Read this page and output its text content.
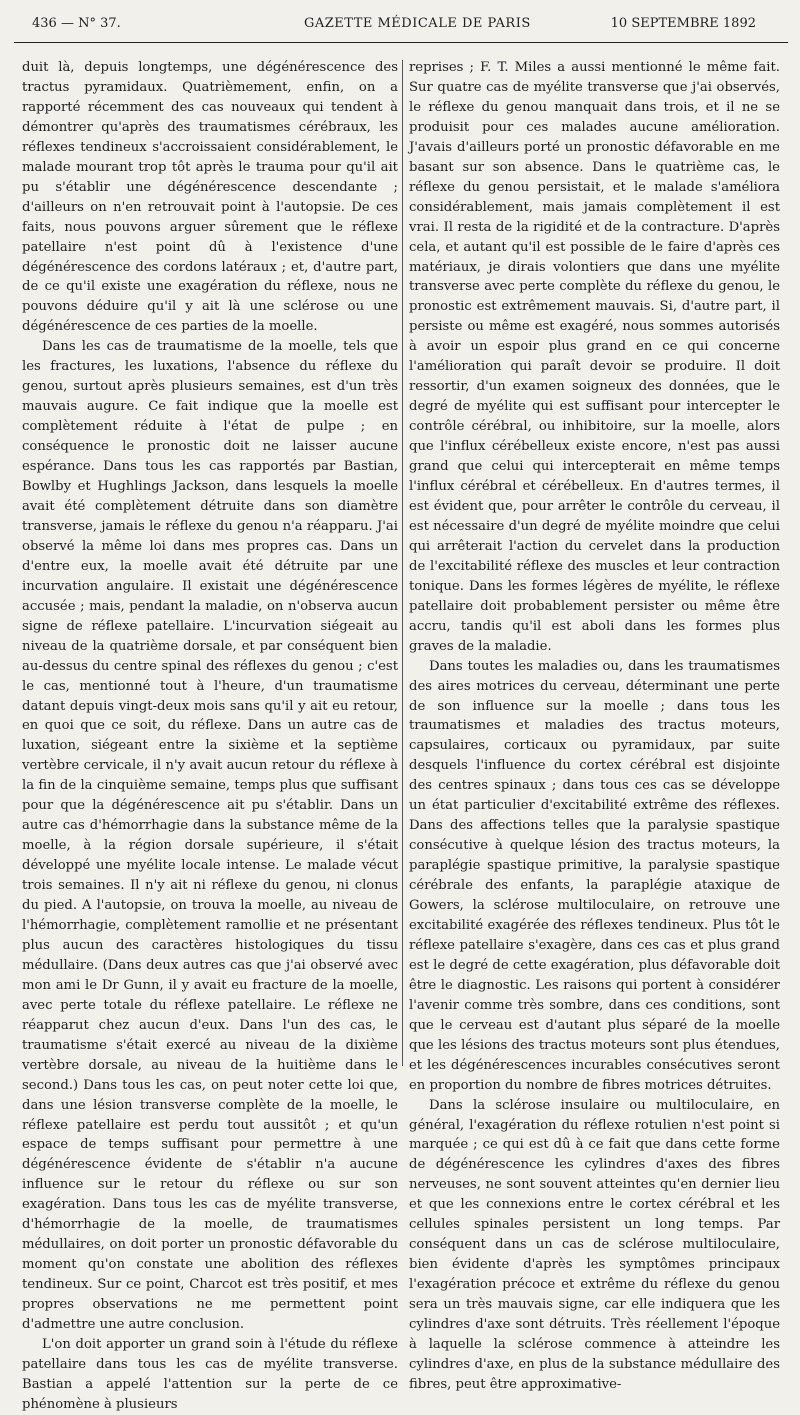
436 — N° 37.	GAZETTE MÉDICALE DE PARIS	10 SEPTEMBRE 1892

duit là, depuis longtemps, une dégénérescence des tractus pyramidaux. Quatrièmement, enfin, on a rapporté récemment des cas nouveaux qui tendent à démontrer qu'après des traumatismes cérébraux, les réflexes tendineux s'accroissaient considérablement, le malade mourant trop tôt après le trauma pour qu'il ait pu s'établir une dégénérescence descendante ; d'ailleurs on n'en retrouvait point à l'autopsie. De ces faits, nous pouvons arguer sûrement que le réflexe patellaire n'est point dû à l'existence d'une dégénérescence des cordons latéraux ; et, d'autre part, de ce qu'il existe une exagération du réflexe, nous ne pouvons déduire qu'il y ait là une sclérose ou une dégénérescence de ces parties de la moelle.

Dans les cas de traumatisme de la moelle, tels que les fractures, les luxations, l'absence du réflexe du genou, surtout après plusieurs semaines, est d'un très mauvais augure. Ce fait indique que la moelle est complètement réduite à l'état de pulpe ; en conséquence le pronostic doit ne laisser aucune espérance. Dans tous les cas rapportés par Bastian, Bowlby et Hughlings Jackson, dans lesquels la moelle avait été complètement détruite dans son diamètre transverse, jamais le réflexe du genou n'a réapparu. J'ai observé la même loi dans mes propres cas. Dans un d'entre eux, la moelle avait été détruite par une incurvation angulaire. Il existait une dégénérescence accusée ; mais, pendant la maladie, on n'observa aucun signe de réflexe patellaire. L'incurvation siégeait au niveau de la quatrième dorsale, et par conséquent bien au-dessus du centre spinal des réflexes du genou ; c'est le cas, mentionné tout à l'heure, d'un traumatisme datant depuis vingt-deux mois sans qu'il y ait eu retour, en quoi que ce soit, du réflexe. Dans un autre cas de luxation, siégeant entre la sixième et la septième vertèbre cervicale, il n'y avait aucun retour du réflexe à la fin de la cinquième semaine, temps plus que suffisant pour que la dégénérescence ait pu s'établir. Dans un autre cas d'hémorrhagie dans la substance même de la moelle, à la région dorsale supérieure, il s'était développé une myélite locale intense. Le malade vécut trois semaines. Il n'y ait ni réflexe du genou, ni clonus du pied. A l'autopsie, on trouva la moelle, au niveau de l'hémorrhagie, complètement ramollie et ne présentant plus aucun des caractères histologiques du tissu médullaire. (Dans deux autres cas que j'ai observé avec mon ami le Dr Gunn, il y avait eu fracture de la moelle, avec perte totale du réflexe patellaire. Le réflexe ne réapparut chez aucun d'eux. Dans l'un des cas, le traumatisme s'était exercé au niveau de la dixième vertèbre dorsale, au niveau de la huitième dans le second.) Dans tous les cas, on peut noter cette loi que, dans une lésion transverse complète de la moelle, le réflexe patellaire est perdu tout aussitôt ; et qu'un espace de temps suffisant pour permettre à une dégénérescence évidente de s'établir n'a aucune influence sur le retour du réflexe ou sur son exagération. Dans tous les cas de myélite transverse, d'hémorrhagie de la moelle, de traumatismes médullaires, on doit porter un pronostic défavorable du moment qu'on constate une abolition des réflexes tendineux. Sur ce point, Charcot est très positif, et mes propres observations ne me permettent point d'admettre une autre conclusion.

L'on doit apporter un grand soin à l'étude du réflexe patellaire dans tous les cas de myélite transverse. Bastian a appelé l'attention sur la perte de ce phénomène à plusieurs

reprises ; F. T. Miles a aussi mentionné le même fait. Sur quatre cas de myélite transverse que j'ai observés, le réflexe du genou manquait dans trois, et il ne se produisit pour ces malades aucune amélioration. J'avais d'ailleurs porté un pronostic défavorable en me basant sur son absence. Dans le quatrième cas, le réflexe du genou persistait, et le malade s'améliora considérablement, mais jamais complètement il est vrai. Il resta de la rigidité et de la contracture. D'après cela, et autant qu'il est possible de le faire d'après ces matériaux, je dirais volontiers que dans une myélite transverse avec perte complète du réflexe du genou, le pronostic est extrêmement mauvais. Si, d'autre part, il persiste ou même est exagéré, nous sommes autorisés à avoir un espoir plus grand en ce qui concerne l'amélioration qui paraît devoir se produire. Il doit ressortir, d'un examen soigneux des données, que le degré de myélite qui est suffisant pour intercepter le contrôle cérébral, ou inhibitoire, sur la moelle, alors que l'influx cérébelleux existe encore, n'est pas aussi grand que celui qui intercepterait en même temps l'influx cérébral et cérébelleux. En d'autres termes, il est évident que, pour arrêter le contrôle du cerveau, il est nécessaire d'un degré de myélite moindre que celui qui arrêterait l'action du cervelet dans la production de l'excitabilité réflexe des muscles et leur contraction tonique. Dans les formes légères de myélite, le réflexe patellaire doit probablement persister ou même être accru, tandis qu'il est aboli dans les formes plus graves de la maladie.

Dans toutes les maladies ou, dans les traumatismes des aires motrices du cerveau, déterminant une perte de son influence sur la moelle ; dans tous les traumatismes et maladies des tractus moteurs, capsulaires, corticaux ou pyramidaux, par suite desquels l'influence du cortex cérébral est disjointe des centres spinaux ; dans tous ces cas se développe un état particulier d'excitabilité extrême des réflexes. Dans des affections telles que la paralysie spastique consécutive à quelque lésion des tractus moteurs, la paraplégie spastique primitive, la paralysie spastique cérébrale des enfants, la paraplégie ataxique de Gowers, la sclérose multiloculaire, on retrouve une excitabilité exagérée des réflexes tendineux. Plus tôt le réflexe patellaire s'exagère, dans ces cas et plus grand est le degré de cette exagération, plus défavorable doit être le diagnostic. Les raisons qui portent à considérer l'avenir comme très sombre, dans ces conditions, sont que le cerveau est d'autant plus séparé de la moelle que les lésions des tractus moteurs sont plus étendues, et les dégénérescences incurables consécutives seront en proportion du nombre de fibres motrices détruites.

Dans la sclérose insulaire ou multiloculaire, en général, l'exagération du réflexe rotulien n'est point si marquée ; ce qui est dû à ce fait que dans cette forme de dégénérescence les cylindres d'axes des fibres nerveuses, ne sont souvent atteintes qu'en dernier lieu et que les connexions entre le cortex cérébral et les cellules spinales persistent un long temps. Par conséquent dans un cas de sclérose multiloculaire, bien évidente d'après les symptômes principaux l'exagération précoce et extrême du réflexe du genou sera un très mauvais signe, car elle indiquera que les cylindres d'axe sont détruits. Très réellement l'époque à laquelle la sclérose commence à atteindre les cylindres d'axe, en plus de la substance médullaire des fibres, peut être approximative-
